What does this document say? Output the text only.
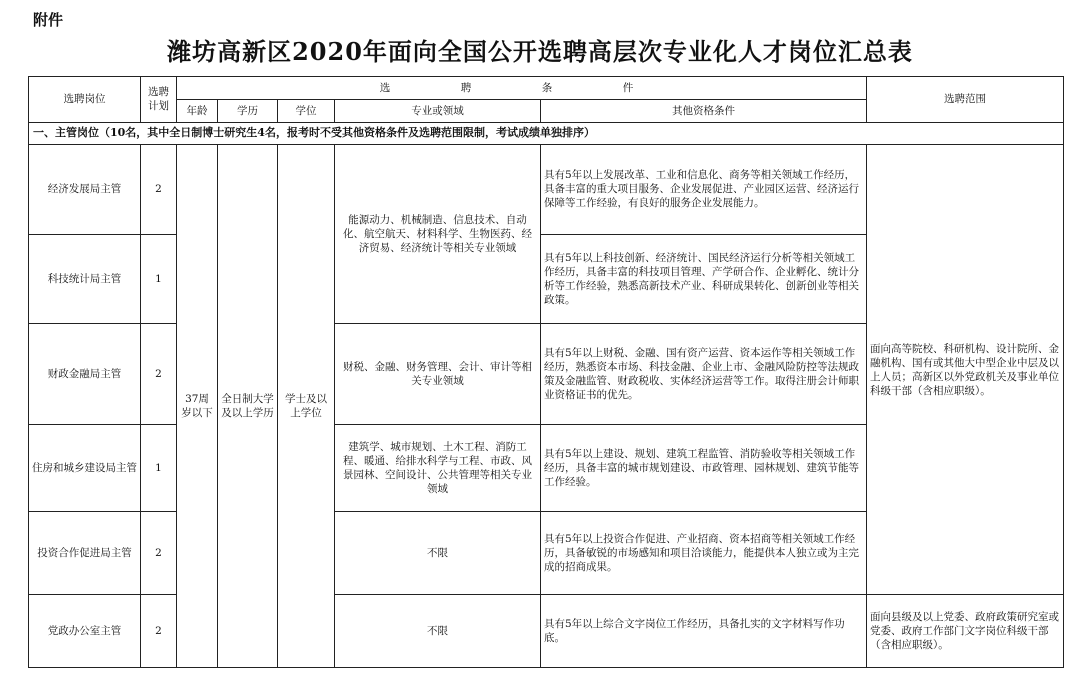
附件
潍坊高新区2020年面向全国公开选聘高层次专业化人才岗位汇总表
选聘岗位	选聘计划	选　聘　条　件					选聘范围
		年龄	学历	学位	专业或领域	其他资格条件	
一、主管岗位（10名，其中全日制博士研究生4名，报考时不受其他资格条件及选聘范围限制，考试成绩单独排序）							
经济发展局主管	2	37周岁以下	全日制大学及以上学历	学士及以上学位	能源动力、机械制造、信息技术、自动化、航空航天、材料科学、生物医药、经济贸易、经济统计等相关专业领域	具有5年以上发展改革、工业和信息化、商务等相关领域工作经历，具备丰富的重大项目服务、企业发展促进、产业园区运营、经济运行保障等工作经验，有良好的服务企业发展能力。	面向高等院校、科研机构、设计院所、金融机构、国有或其他大中型企业中层及以上人员；高新区以外党政机关及事业单位科级干部（含相应职级）。
科技统计局主管	1					具有5年以上科技创新、经济统计、国民经济运行分析等相关领域工作经历，具备丰富的科技项目管理、产学研合作、企业孵化、统计分析等工作经验，熟悉高新技术产业、科研成果转化、创新创业等相关政策。	
财政金融局主管	2				财税、金融、财务管理、会计、审计等相关专业领域	具有5年以上财税、金融、国有资产运营、资本运作等相关领域工作经历，熟悉资本市场、科技金融、企业上市、金融风险防控等法规政策及金融监管、财政税收、实体经济运营等工作。取得注册会计师职业资格证书的优先。	
住房和城乡建设局主管	1				建筑学、城市规划、土木工程、消防工程、暖通、给排水科学与工程、市政、风景园林、空间设计、公共管理等相关专业领域	具有5年以上建设、规划、建筑工程监管、消防验收等相关领域工作经历，具备丰富的城市规划建设、市政管理、园林规划、建筑节能等工作经验。	
投资合作促进局主管	2				不限	具有5年以上投资合作促进、产业招商、资本招商等相关领域工作经历，具备敏锐的市场感知和项目洽谈能力，能提供本人独立或为主完成的招商成果。	
党政办公室主管	2				不限	具有5年以上综合文字岗位工作经历，具备扎实的文字材料写作功底。	面向县级及以上党委、政府政策研究室或党委、政府工作部门文字岗位科级干部（含相应职级）。
